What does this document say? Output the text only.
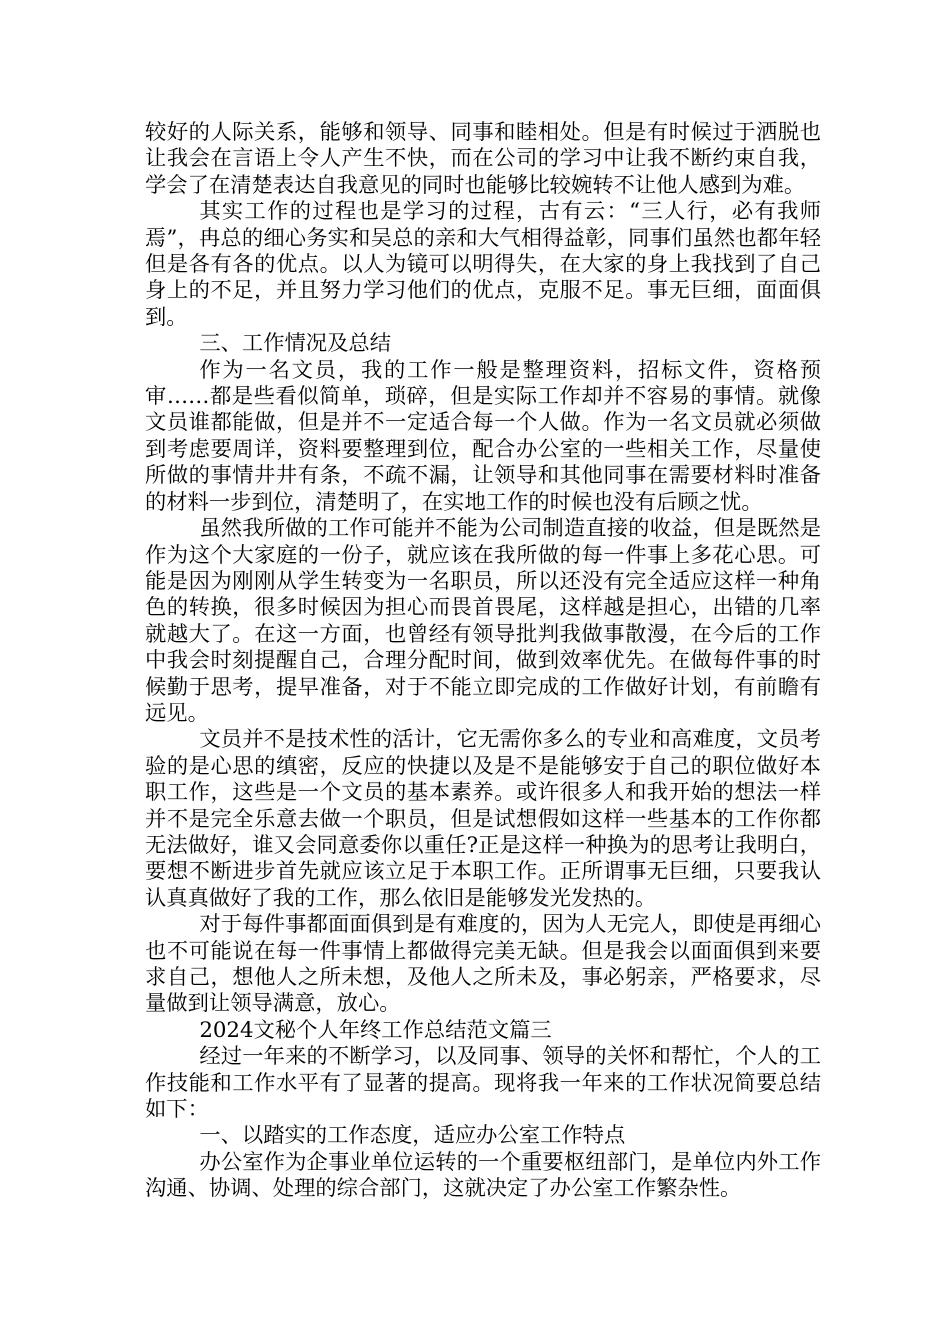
较好的人际关系，能够和领导、同事和睦相处。但是有时候过于洒脱也让我会在言语上令人产生不快，而在公司的学习中让我不断约束自我，学会了在清楚表达自我意见的同时也能够比较婉转不让他人感到为难。

其实工作的过程也是学习的过程，古有云：“三人行，必有我师焉”，冉总的细心务实和吴总的亲和大气相得益彰，同事们虽然也都年轻但是各有各的优点。以人为镜可以明得失，在大家的身上我找到了自己身上的不足，并且努力学习他们的优点，克服不足。事无巨细，面面俱到。

三、工作情况及总结

作为一名文员，我的工作一般是整理资料，招标文件，资格预审……都是些看似简单，琐碎，但是实际工作却并不容易的事情。就像文员谁都能做，但是并不一定适合每一个人做。作为一名文员就必须做到考虑要周详，资料要整理到位，配合办公室的一些相关工作，尽量使所做的事情井井有条，不疏不漏，让领导和其他同事在需要材料时准备的材料一步到位，清楚明了，在实地工作的时候也没有后顾之忧。

虽然我所做的工作可能并不能为公司制造直接的收益，但是既然是作为这个大家庭的一份子，就应该在我所做的每一件事上多花心思。可能是因为刚刚从学生转变为一名职员，所以还没有完全适应这样一种角色的转换，很多时候因为担心而畏首畏尾，这样越是担心，出错的几率就越大了。在这一方面，也曾经有领导批判我做事散漫，在今后的工作中我会时刻提醒自己，合理分配时间，做到效率优先。在做每件事的时候勤于思考，提早准备，对于不能立即完成的工作做好计划，有前瞻有远见。

文员并不是技术性的活计，它无需你多么的专业和高难度，文员考验的是心思的缜密，反应的快捷以及是不是能够安于自己的职位做好本职工作，这些是一个文员的基本素养。或许很多人和我开始的想法一样并不是完全乐意去做一个职员，但是试想假如这样一些基本的工作你都无法做好，谁又会同意委你以重任?正是这样一种换为的思考让我明白，要想不断进步首先就应该立足于本职工作。正所谓事无巨细，只要我认认真真做好了我的工作，那么依旧是能够发光发热的。

对于每件事都面面俱到是有难度的，因为人无完人，即使是再细心也不可能说在每一件事情上都做得完美无缺。但是我会以面面俱到来要求自己，想他人之所未想，及他人之所未及，事必躬亲，严格要求，尽量做到让领导满意，放心。

2024文秘个人年终工作总结范文篇三

经过一年来的不断学习，以及同事、领导的关怀和帮忙，个人的工作技能和工作水平有了显著的提高。现将我一年来的工作状况简要总结如下：

一、以踏实的工作态度，适应办公室工作特点

办公室作为企事业单位运转的一个重要枢纽部门，是单位内外工作沟通、协调、处理的综合部门，这就决定了办公室工作繁杂性。
